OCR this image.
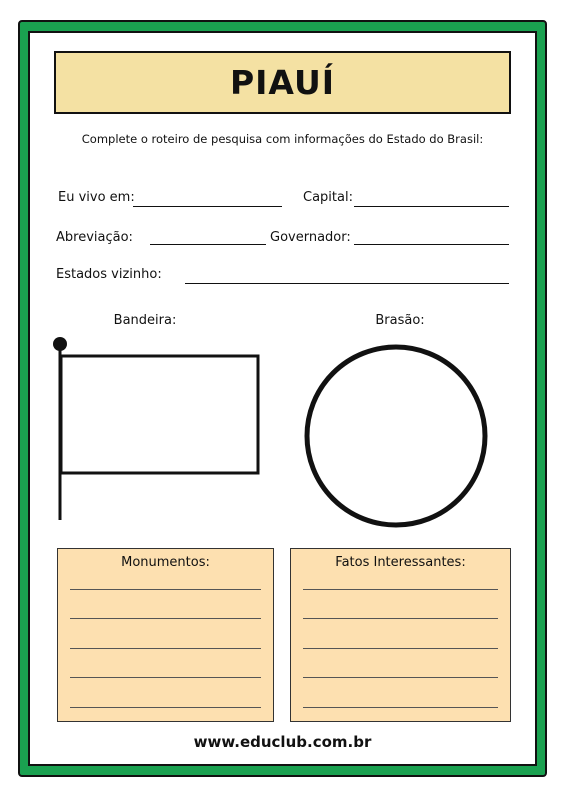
PIAUÍ
Complete o roteiro de pesquisa com informações do Estado do Brasil:
Eu vivo em:	Capital:
Abreviação:	Governador:
Estados vizinho:
Bandeira:	Brasão:
Monumentos:	Fatos Interessantes:
www.educlub.com.br
